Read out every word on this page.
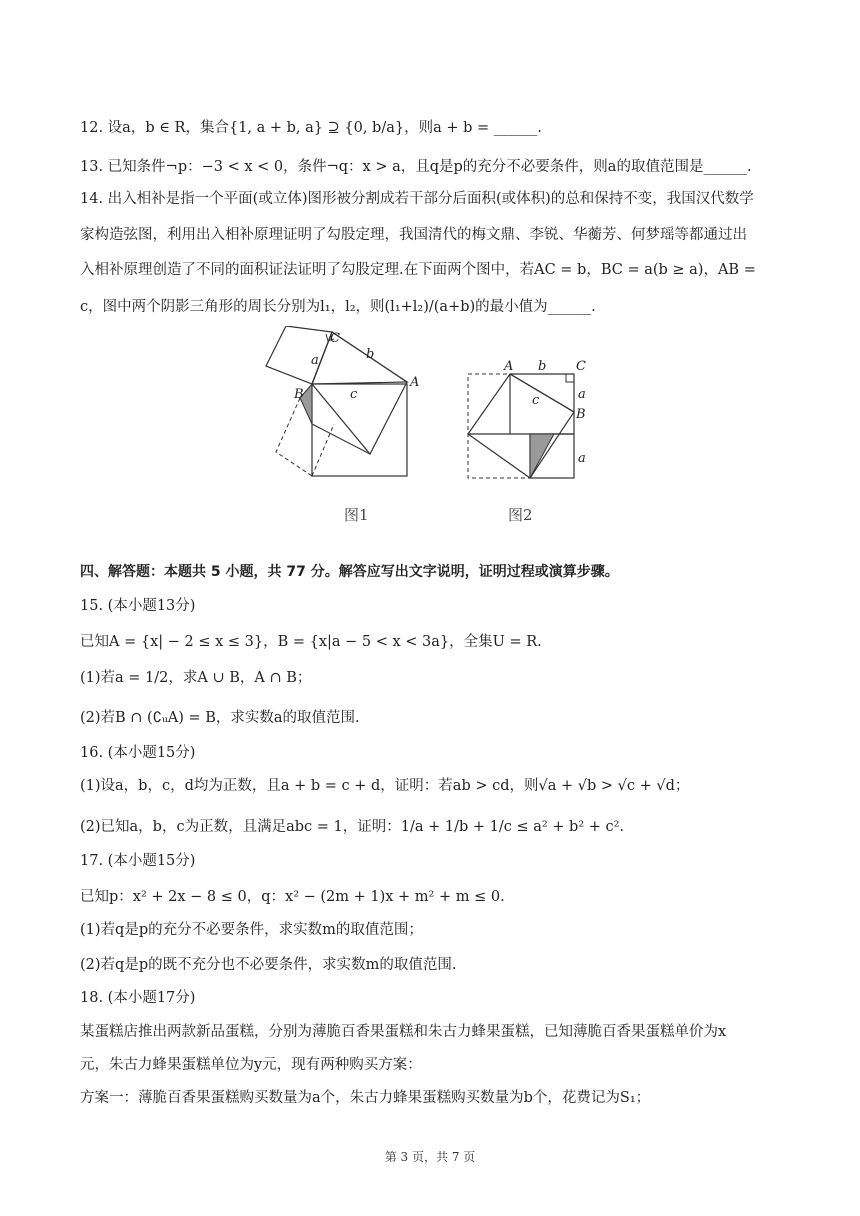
12. 设a，b ∈ R，集合{1, a + b, a} ⊇ {0, b/a}，则a + b = ______.
13. 已知条件¬p：−3 < x < 0，条件¬q：x > a，且q是p的充分不必要条件，则a的取值范围是______.
14. 出入相补是指一个平面(或立体)图形被分割成若干部分后面积(或体积)的总和保持不变，我国汉代数学
家构造弦图，利用出入相补原理证明了勾股定理，我国清代的梅文鼎、李锐、华蘅芳、何梦瑶等都通过出
入相补原理创造了不同的面积证法证明了勾股定理.在下面两个图中，若AC = b，BC = a(b ≥ a)，AB =
c，图中两个阴影三角形的周长分别为l₁，l₂，则(l₁+l₂)/(a+b)的最小值为______.
C
a	b
B
A
c
图1
A b C
c	a
B
a
图2
四、解答题：本题共 5 小题，共 77 分。解答应写出文字说明，证明过程或演算步骤。
15. (本小题13分)
已知A = {x| − 2 ≤ x ≤ 3}，B = {x|a − 5 < x < 3a}，全集U = R.
(1)若a = 1/2，求A ∪ B，A ∩ B；
(2)若B ∩ (∁ᵤA) = B，求实数a的取值范围.
16. (本小题15分)
(1)设a，b，c，d均为正数，且a + b = c + d，证明：若ab > cd，则√a + √b > √c + √d；
(2)已知a，b，c为正数，且满足abc = 1，证明：1/a + 1/b + 1/c ≤ a² + b² + c².
17. (本小题15分)
已知p：x² + 2x − 8 ≤ 0，q：x² − (2m + 1)x + m² + m ≤ 0.
(1)若q是p的充分不必要条件，求实数m的取值范围；
(2)若q是p的既不充分也不必要条件，求实数m的取值范围.
18. (本小题17分)
某蛋糕店推出两款新品蛋糕，分别为薄脆百香果蛋糕和朱古力蜂果蛋糕，已知薄脆百香果蛋糕单价为x
元，朱古力蜂果蛋糕单位为y元，现有两种购买方案：
方案一：薄脆百香果蛋糕购买数量为a个，朱古力蜂果蛋糕购买数量为b个，花费记为S₁；
第 3 页，共 7 页
